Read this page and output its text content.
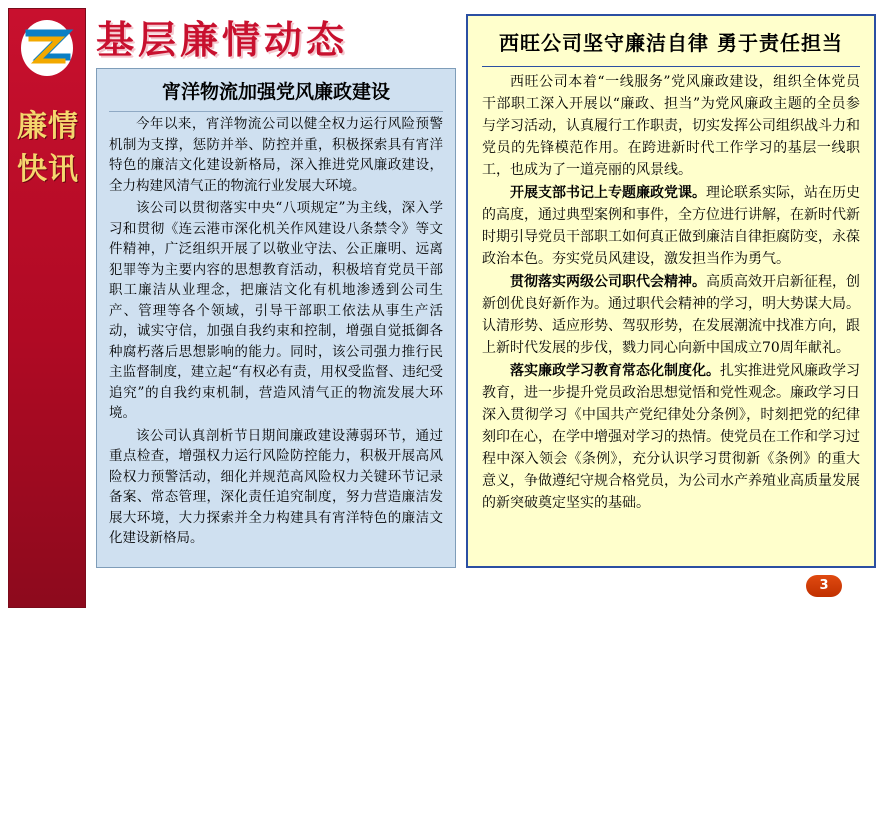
廉情快讯
—灌西投资公司纪委办
基层廉情动态
宵洋物流加强党风廉政建设

今年以来，宵洋物流公司以健全权力运行风险预警机制为支撑，惩防并举、防控并重，积极探索具有宵洋特色的廉洁文化建设新格局，深入推进党风廉政建设，全力构建风清气正的物流行业发展大环境。

该公司以贯彻落实中央“八项规定”为主线，深入学习和贯彻《连云港市深化机关作风建设八条禁令》等文件精神，广泛组织开展了以敬业守法、公正廉明、远离犯罪等为主要内容的思想教育活动，积极培育党员干部职工廉洁从业理念，把廉洁文化有机地渗透到公司生产、管理等各个领域，引导干部职工依法从事生产活动，诚实守信，加强自我约束和控制，增强自觉抵御各种腐朽落后思想影响的能力。同时，该公司强力推行民主监督制度，建立起“有权必有责，用权受监督、违纪受追究”的自我约束机制，营造风清气正的物流发展大环境。

该公司认真剖析节日期间廉政建设薄弱环节，通过重点检查，增强权力运行风险防控能力，积极开展高风险权力预警活动，细化并规范高风险权力关键环节记录备案、常态管理，深化责任追究制度，努力营造廉洁发展大环境，大力探索并全力构建具有宵洋特色的廉洁文化建设新格局。

西旺公司坚守廉洁自律 勇于责任担当

西旺公司本着“一线服务”党风廉政建设，组织全体党员干部职工深入开展以“廉政、担当”为党风廉政主题的全员参与学习活动，认真履行工作职责，切实发挥公司组织战斗力和党员的先锋模范作用。在跨进新时代工作学习的基层一线职工，也成为了一道亮丽的风景线。

开展支部书记上专题廉政党课。理论联系实际，站在历史的高度，通过典型案例和事件，全方位进行讲解，在新时代新时期引导党员干部职工如何真正做到廉洁自律拒腐防变，永葆政治本色。夯实党员风建设，激发担当作为勇气。

贯彻落实两级公司职代会精神。高质高效开启新征程，创新创优良好新作为。通过职代会精神的学习，明大势谋大局。认清形势、适应形势、驾驭形势，在发展潮流中找准方向，跟上新时代发展的步伐，戮力同心向新中国成立70周年献礼。

落实廉政学习教育常态化制度化。扎实推进党风廉政学习教育，进一步提升党员政治思想觉悟和党性观念。廉政学习日深入贯彻学习《中国共产党纪律处分条例》，时刻把党的纪律刻印在心，在学中增强对学习的热情。使党员在工作和学习过程中深入领会《条例》，充分认识学习贯彻新《条例》的重大意义，争做遵纪守规合格党员，为公司水产养殖业高质量发展的新突破奠定坚实的基础。

3
